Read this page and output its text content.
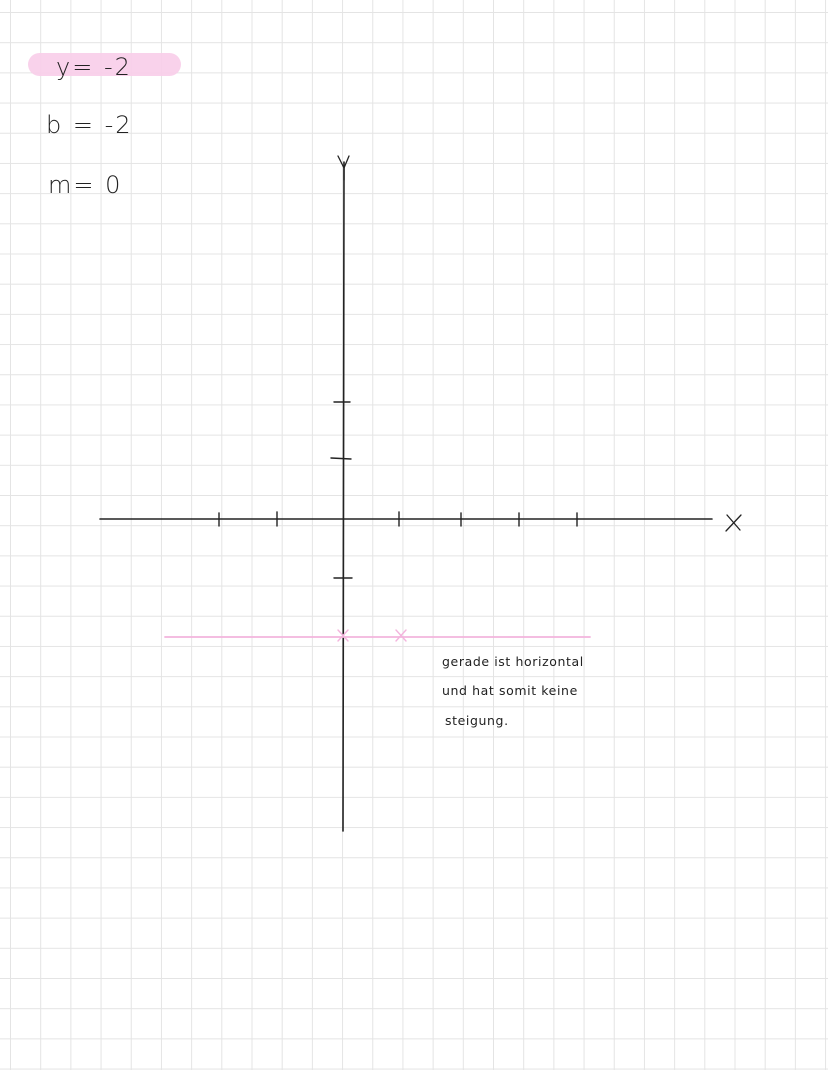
y= -2
b = -2
m= 0
gerade ist horizontal
und hat somit keine
steigung.
